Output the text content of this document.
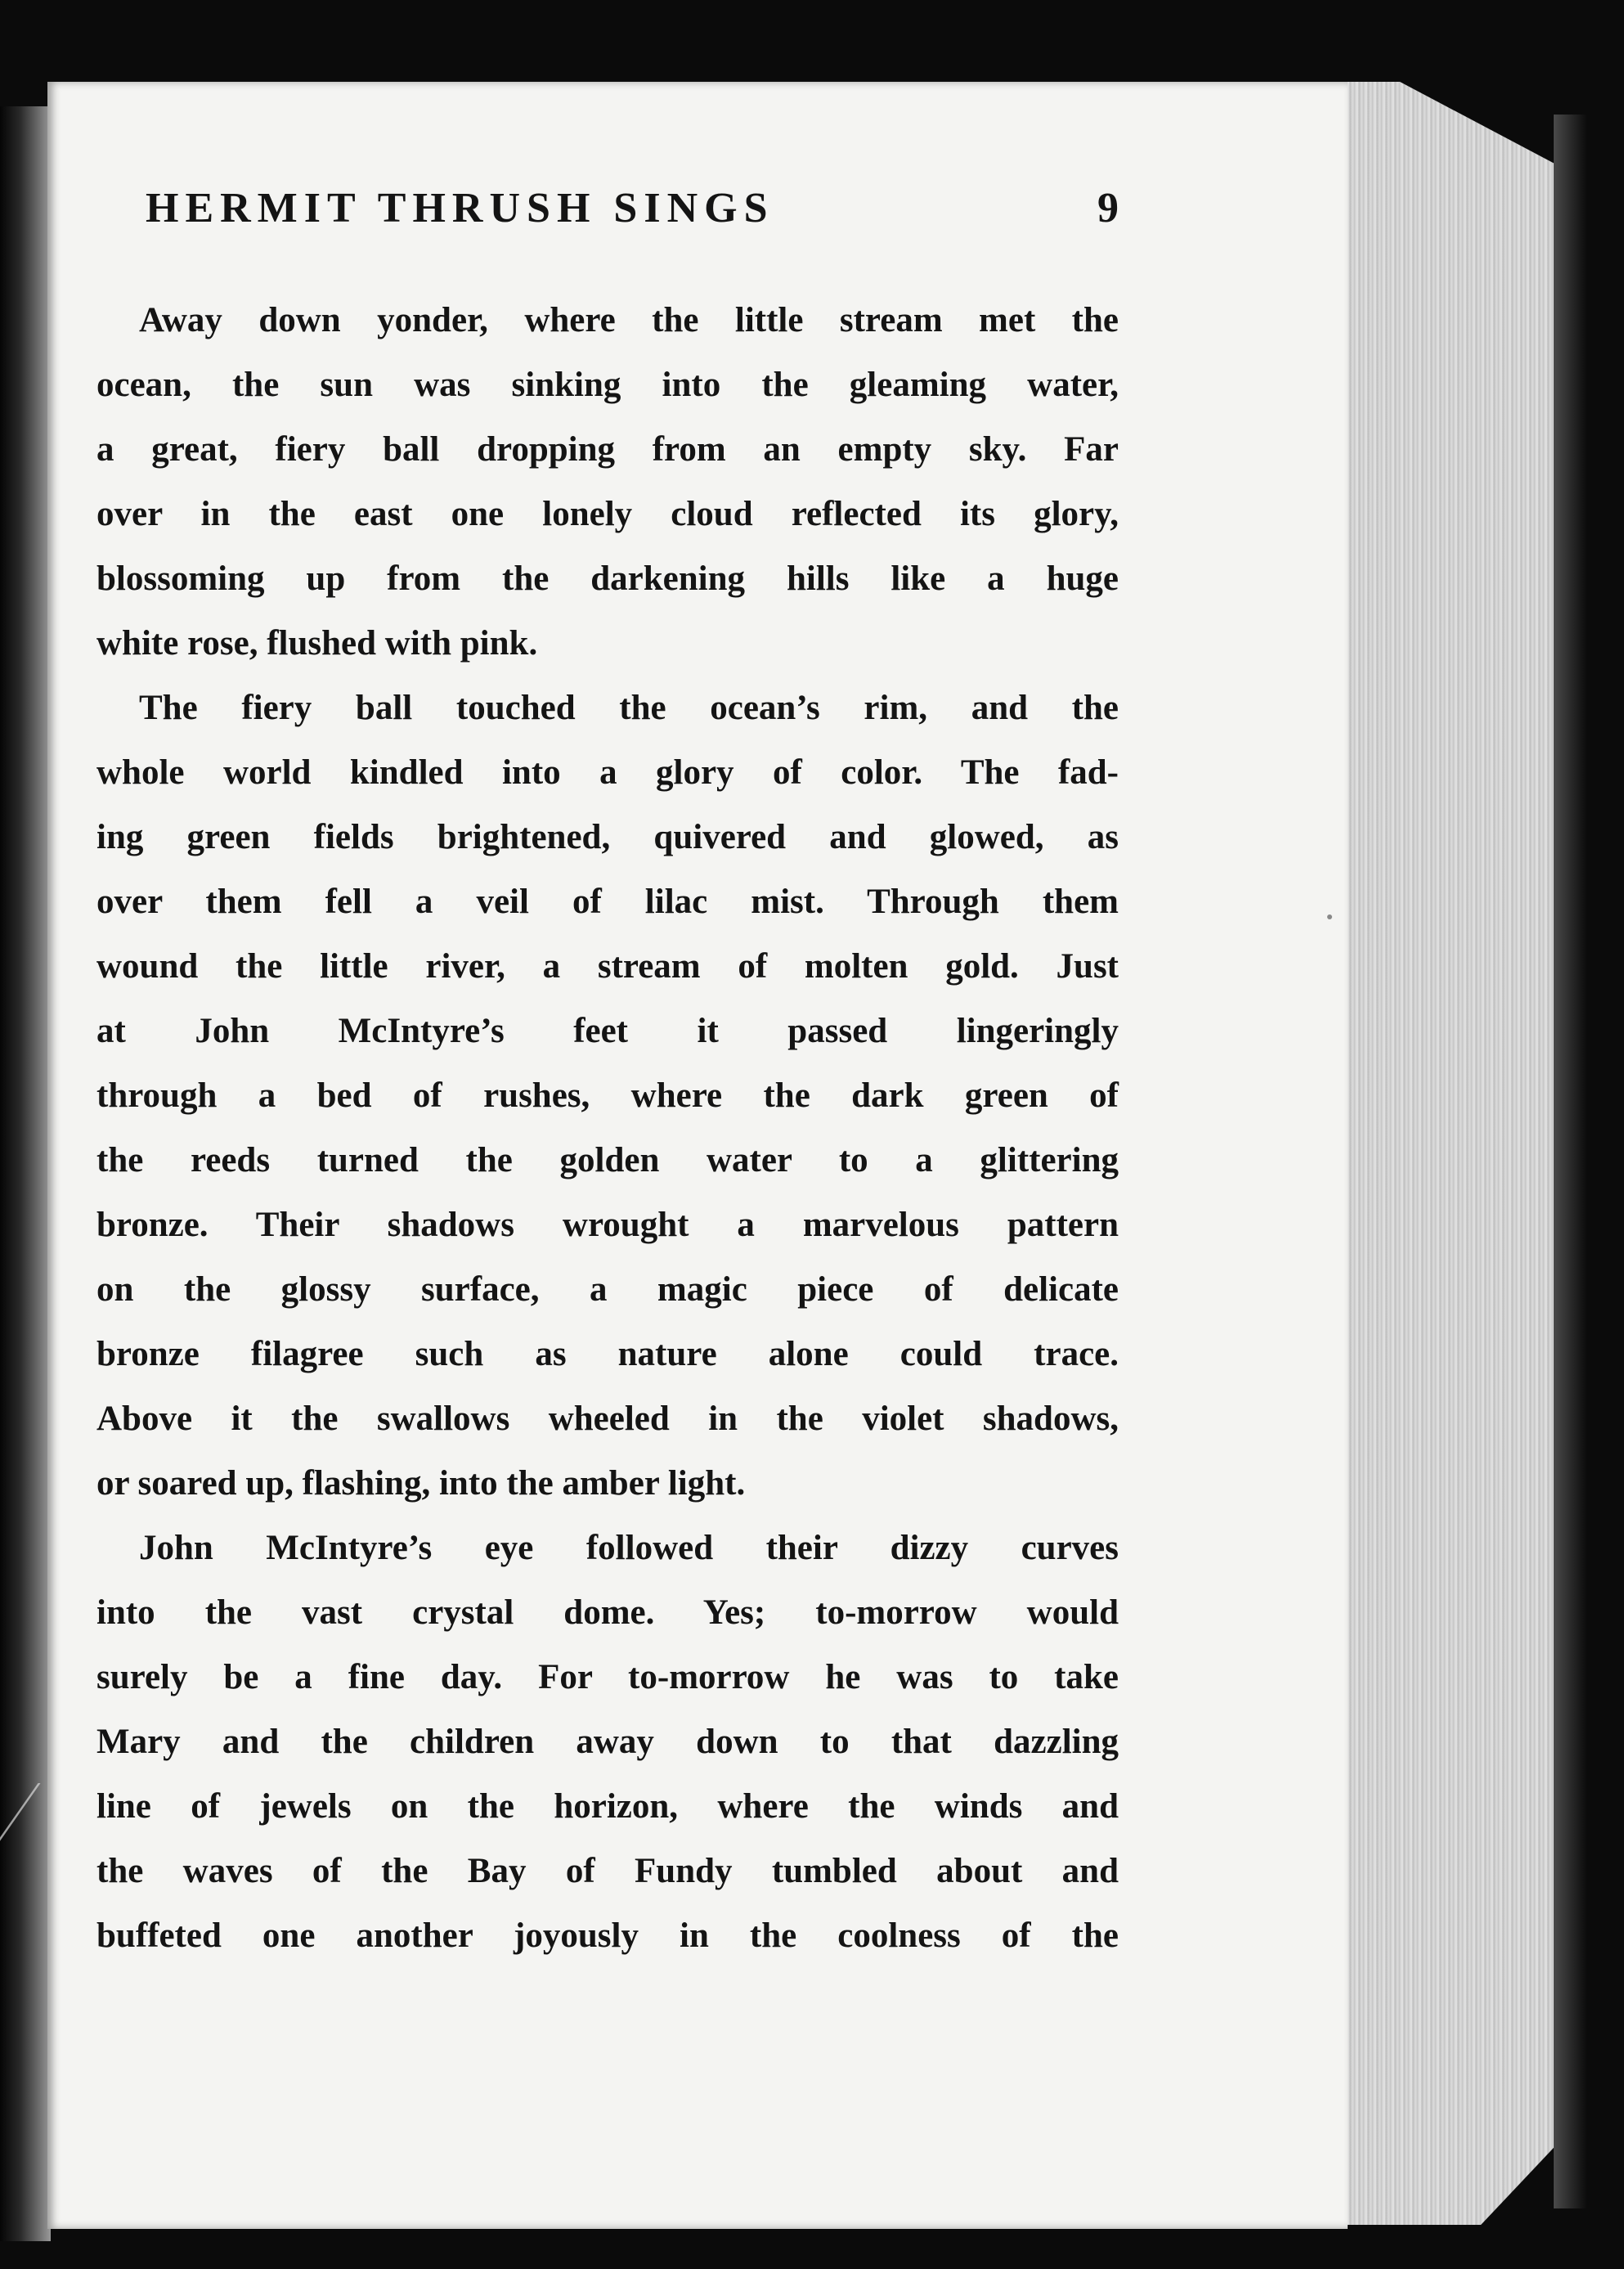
HERMIT THRUSH SINGS	9
Away down yonder, where the little stream met the
ocean, the sun was sinking into the gleaming water,
a great, fiery ball dropping from an empty sky. Far
over in the east one lonely cloud reflected its glory,
blossoming up from the darkening hills like a huge
white rose, flushed with pink.
The fiery ball touched the ocean’s rim, and the
whole world kindled into a glory of color. The fad-
ing green fields brightened, quivered and glowed, as
over them fell a veil of lilac mist. Through them
wound the little river, a stream of molten gold. Just
at John McIntyre’s feet it passed lingeringly
through a bed of rushes, where the dark green of
the reeds turned the golden water to a glittering
bronze. Their shadows wrought a marvelous pattern
on the glossy surface, a magic piece of delicate
bronze filagree such as nature alone could trace.
Above it the swallows wheeled in the violet shadows,
or soared up, flashing, into the amber light.
John McIntyre’s eye followed their dizzy curves
into the vast crystal dome. Yes; to-morrow would
surely be a fine day. For to-morrow he was to take
Mary and the children away down to that dazzling
line of jewels on the horizon, where the winds and
the waves of the Bay of Fundy tumbled about and
buffeted one another joyously in the coolness of the
